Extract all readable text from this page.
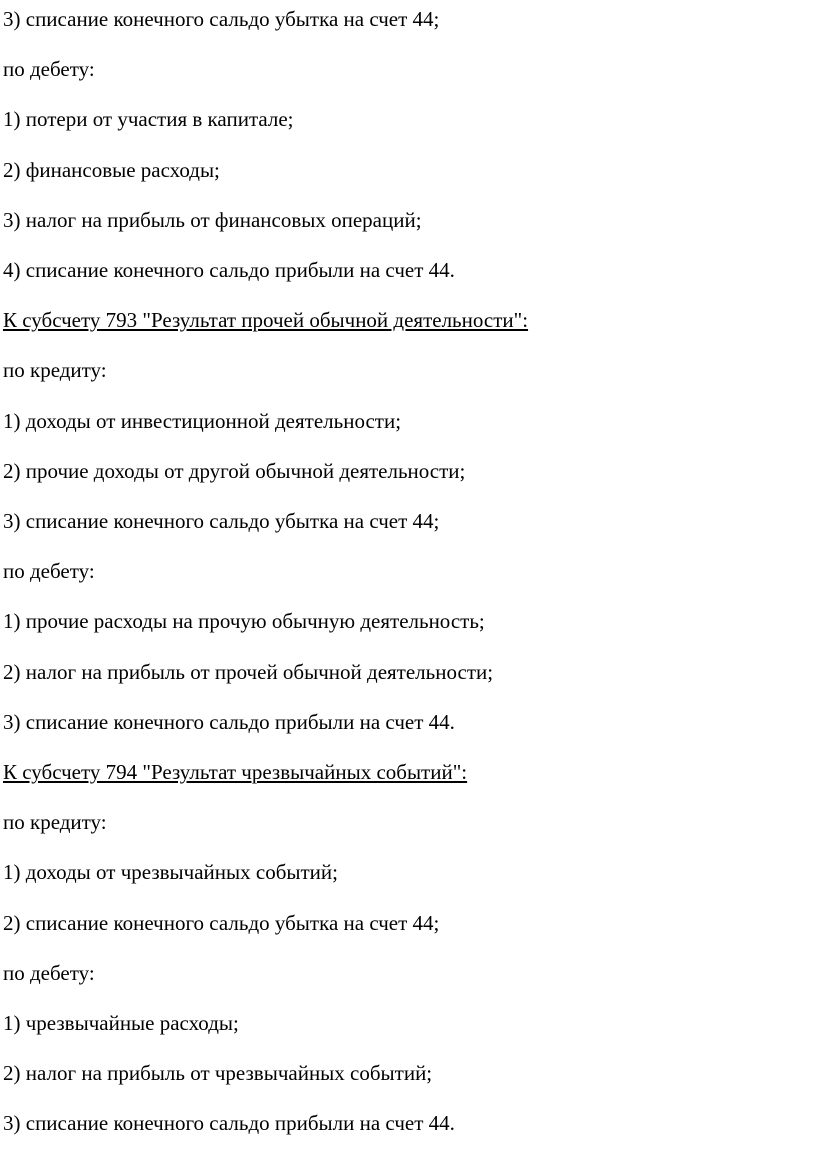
3) списание конечного сальдо убытка на счет 44;

по дебету:

1) потери от участия в капитале;

2) финансовые расходы;

3) налог на прибыль от финансовых операций;

4) списание конечного сальдо прибыли на счет 44.

К субсчету 793 "Результат прочей обычной деятельности":

по кредиту:

1) доходы от инвестиционной деятельности;

2) прочие доходы от другой обычной деятельности;

3) списание конечного сальдо убытка на счет 44;

по дебету:

1) прочие расходы на прочую обычную деятельность;

2) налог на прибыль от прочей обычной деятельности;

3) списание конечного сальдо прибыли на счет 44.

К субсчету 794 "Результат чрезвычайных событий":

по кредиту:

1) доходы от чрезвычайных событий;

2) списание конечного сальдо убытка на счет 44;

по дебету:

1) чрезвычайные расходы;

2) налог на прибыль от чрезвычайных событий;

3) списание конечного сальдо прибыли на счет 44.
